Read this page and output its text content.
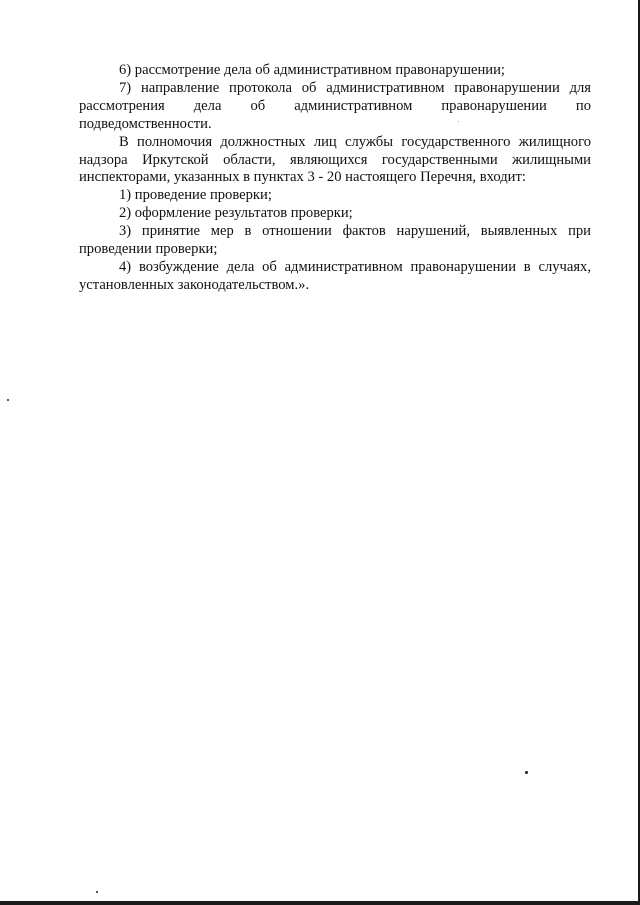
6) рассмотрение дела об административном правонарушении;

7) направление протокола об административном правонарушении для рассмотрения дела об административном правонарушении по подведомственности.

В полномочия должностных лиц службы государственного жилищного надзора Иркутской области, являющихся государственными жилищными инспекторами, указанных в пунктах 3 - 20 настоящего Перечня, входит:

1) проведение проверки;

2) оформление результатов проверки;

3) принятие мер в отношении фактов нарушений, выявленных при проведении проверки;

4) возбуждение дела об административном правонарушении в случаях, установленных законодательством.».
